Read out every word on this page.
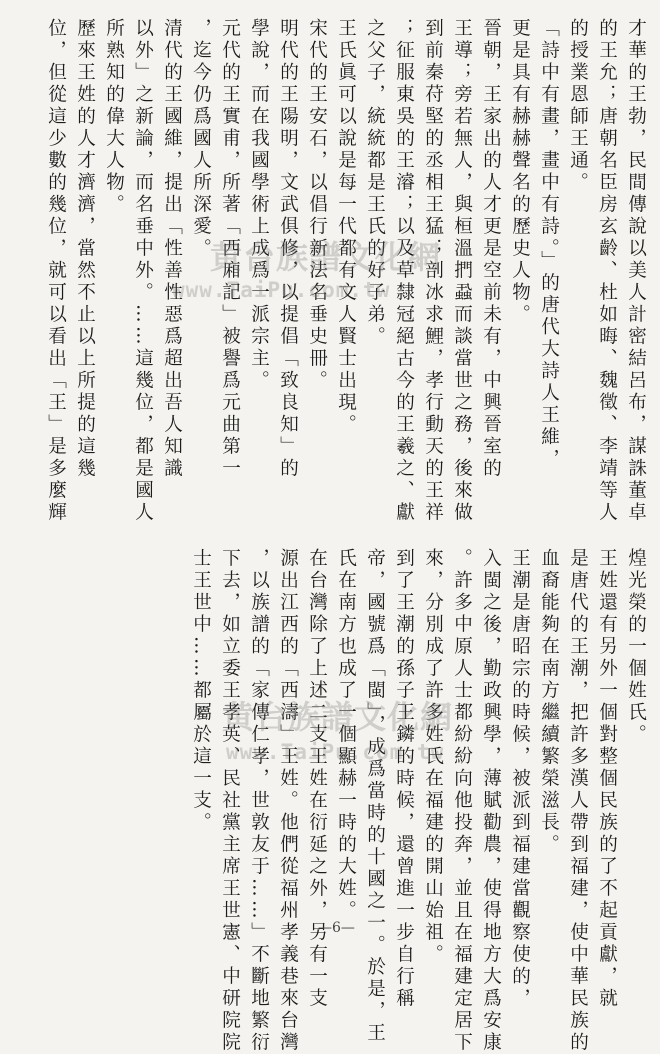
才華的王勃，民間傳說以美人計密結呂布，謀誅董卓
的王允；唐朝名臣房玄齡、杜如晦、魏徵、李靖等人
的授業恩師王通。
「詩中有畫，畫中有詩。」的唐代大詩人王維，
更是具有赫赫聲名的歷史人物。
晉朝，王家出的人才更是空前未有，中興晉室的
王導；旁若無人，與桓溫捫蝨而談當世之務，後來做
到前秦苻堅的丞相王猛；剖冰求鯉，孝行動天的王祥
；征服東吳的王濬；以及草隸冠絕古今的王羲之、獻
之父子，統統都是王氏的好子弟。
王氏眞可以說是每一代都有文人賢士出現。
宋代的王安石，以倡行新法名垂史冊。
明代的王陽明，文武俱修，以提倡「致良知」的
學說，而在我國學術上成爲一派宗主。
元代的王實甫，所著「西廂記」被譽爲元曲第一
，迄今仍爲國人所深愛。
清代的王國維，提出「性善性惡爲超出吾人知識
以外」之新論，而名垂中外。……這幾位，都是國人
所熟知的偉大人物。
歷來王姓的人才濟濟，當然不止以上所提的這幾
位，但從這少數的幾位，就可以看出「王」是多麼輝
煌光榮的一個姓氏。
王姓還有另外一個對整個民族的了不起貢獻，就
是唐代的王潮，把許多漢人帶到福建，使中華民族的
血裔能夠在南方繼續繁榮滋長。
王潮是唐昭宗的時候，被派到福建當觀察使的，
入閩之後，勤政興學，薄賦勸農，使得地方大爲安康
。許多中原人士都紛紛向他投奔，並且在福建定居下
來，分別成了許多姓氏在福建的開山始祖。
到了王潮的孫子王鏻的時候，還曾進一步自行稱
帝，國號爲「閩」，成爲當時的十國之一。於是，王
氏在南方也成了一個顯赫一時的大姓。
在台灣除了上述二支王姓在衍延之外，另有一支
源出江西的「西濤」王姓。他們從福州孝義巷來台灣
，以族譜的「家傳仁孝，世敦友于……」不斷地繁衍
下去，如立委王孝英、民社黨主席王世憲、中研院院
士王世中……都屬於這一支。
黄台族譜文化網
www.TaiPu.com.tw
黄台族譜文化網
www.TaiPu.com.tw
—6—
